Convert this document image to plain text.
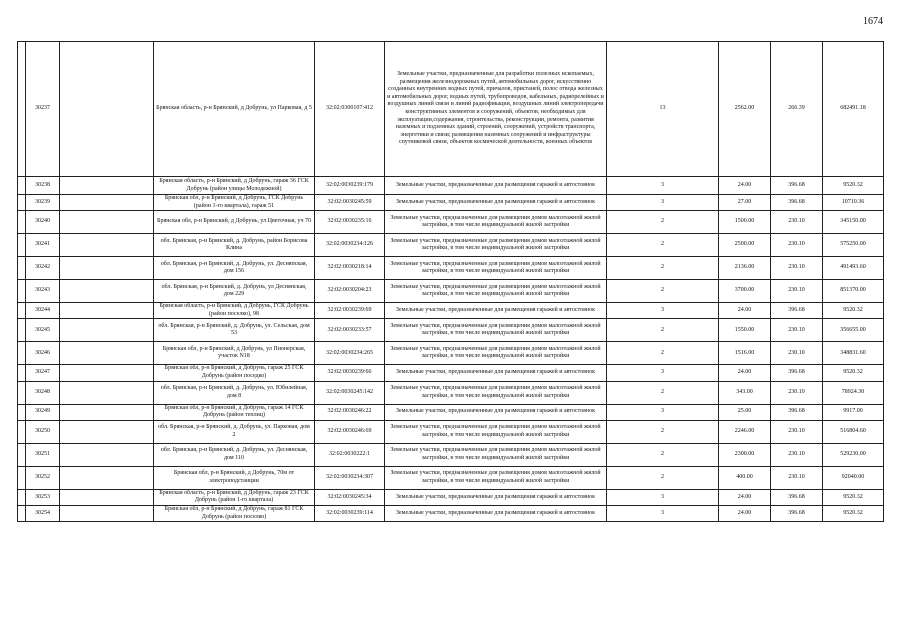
1674
	30237		Брянская область, р-н Брянский, д Добрунь, ул Парковая, д 5	32:02:0300107:412	Земельные участки, предназначенные для разработки полезных ископаемых, размещения железнодорожных путей, автомобильных дорог, искусственно созданных внутренних водных путей, причалов, пристаней, полос отвода железных и автомобильных дорог, водных путей, трубопроводов, кабельных, радиорелейных и воздушных линий связи и линий радиофикации, воздушных линий электропередачи конструктивных элементов и сооружений, объектов, необходимых для эксплуатации,содержания, строительства, реконструкции, ремонта, развития наземных и подземных зданий, строений, сооружений, устройств транспорта, энергетики и связи; размещения наземных сооружений и инфраструктуры спутниковой связи, объектов космической деятельности, военных объектов	13	2562.00	266.39	682491.18
	30238		Брянская область, р-н Брянский, д Добрунь, гараж 36 ГСК Добрунь (район улицы Молодежной)	32:02:0030239:179	Земельные участки, предназначенные для размещения гаражей и автостоянок	3	24.00	396.68	9520.32
	30239		Брянская обл, р-н Брянский, д Добрунь, ГСК Добрунь (район 1-го квартала), гараж 51	32:02:0030245:59	Земельные участки, предназначенные для размещения гаражей и автостоянок	3	27.00	396.68	10710.36
	30240		Брянская обл, р-н Брянский, д Добрунь, ул Цветочная, уч 70	32:02:0030235:16	Земельные участки, предназначенные для размещения домов малоэтажной жилой застройки, в том числе индивидуальной жилой застройки	2	1500.00	230.10	345150.00
	30241		обл. Брянская, р-н Брянский, д. Добрунь, район Борисова Клина	32:02:0030234:126	Земельные участки, предназначенные для размещения домов малоэтажной жилой застройки, в том числе индивидуальной жилой застройки	2	2500.00	230.10	575250.00
	30242		обл. Брянская, р-н Брянский, д. Добрунь, ул. Десняпская, дом 156	32:02:0030218:14	Земельные участки, предназначенные для размещения домов малоэтажной жилой застройки, в том числе индивидуальной жилой застройки	2	2136.00	230.10	491493.60
	30243		обл. Брянская, р-н Брянский, д. Добрунь, ул Деснянская, дом 229	32:02:0030204:23	Земельные участки, предназначенные для размещения домов малоэтажной жилой застройки, в том числе индивидуальной жилой застройки	2	3700.00	230.10	851370.00
	30244		Брянская область, р-н Брянский, д Добрунь, ГСК Добрунь (район поселко), 98	32:02:0030239:69	Земельные участки, предназначенные для размещения гаражей и автостоянок	3	24.00	396.68	9520.32
	30245		обл. Брянская, р-н Брянский, д. Добрунь, ул. Сельская, дом 53	32:02:0030233:57	Земельные участки, предназначенные для размещения домов малоэтажной жилой застройки, в том числе индивидуальной жилой застройки	2	1550.00	230.10	356655.00
	30246		Брянская обл, р-н Брянский, д Добрунь, ул Пионерская, участок N18	32:02:0030234:265	Земельные участки, предназначенные для размещения домов малоэтажной жилой застройки, в том числе индивидуальной жилой застройки	2	1516.00	230.10	348831.60
	30247		Брянская обл, р-н Брянский, д Добрунь, гараж 25 ГСК Добрунь (район поседко)	32:02:0030239:66	Земельные участки, предназначенные для размещения гаражей и автостоянок	3	24.00	396.68	9520.32
	30248		обл. Брянская, р-н Брянский, д. Добрунь, ул. Юбилейная, дом 8	32:02:0030245:142	Земельные участки, предназначенные для размещения домов малоэтажной жилой застройки, в том числе индивидуальной жилой застройки	2	343.00	230.10	78924.30
	30249		Брянская обл, р-н Брянский, д Добрунь, гараж 14 ГСК Добрунь (район теплиц)	32:02:0030246:22	Земельные участки, предназначенные для размещения гаражей и автостоянок	3	25.00	396.68	9917.00
	30250		обл. Брянская, р-н Брянский, д. Добрунь, ул. Парковая, дом 2	32:02:0030246:69	Земельные участки, предназначенные для размещения домов малоэтажной жилой застройки, в том числе индивидуальной жилой застройки	2	2246.00	230.10	516804.60
	30251		обл. Брянская, р-н Брянский, д. Добрунь, ул. Деснянская, дом 110	32:02:0030222:1	Земельные участки, предназначенные для размещения домов малоэтажной жилой застройки, в том числе индивидуальной жилой застройки	2	2300.00	230.10	529230.00
	30252		Брянская обл, р-н Брянский, д Добрунь, 70м от электроподстанции	32:02:0030234:307	Земельные участки, предназначенные для размещения домов малоэтажной жилой застройки, в том числе индивидуальной жилой застройки	2	400.00	230.10	92040.00
	30253		Брянская область, р-н Брянский, д Добрунь, гараж 23 ГСК Добрунь (район 1-го квартала)	32:02:0030245:34	Земельные участки, предназначенные для размещения гаражей и автостоянок	3	24.00	396.68	9520.32
	30254		Брянская обл, р-н Брянский, д Добрунь, гараж 81 ГСК Добрунь (район поселко)	32:02:0030239:114	Земельные участки, предназначенные для размещения гаражей и автостоянок	3	24.00	396.68	9520.32
